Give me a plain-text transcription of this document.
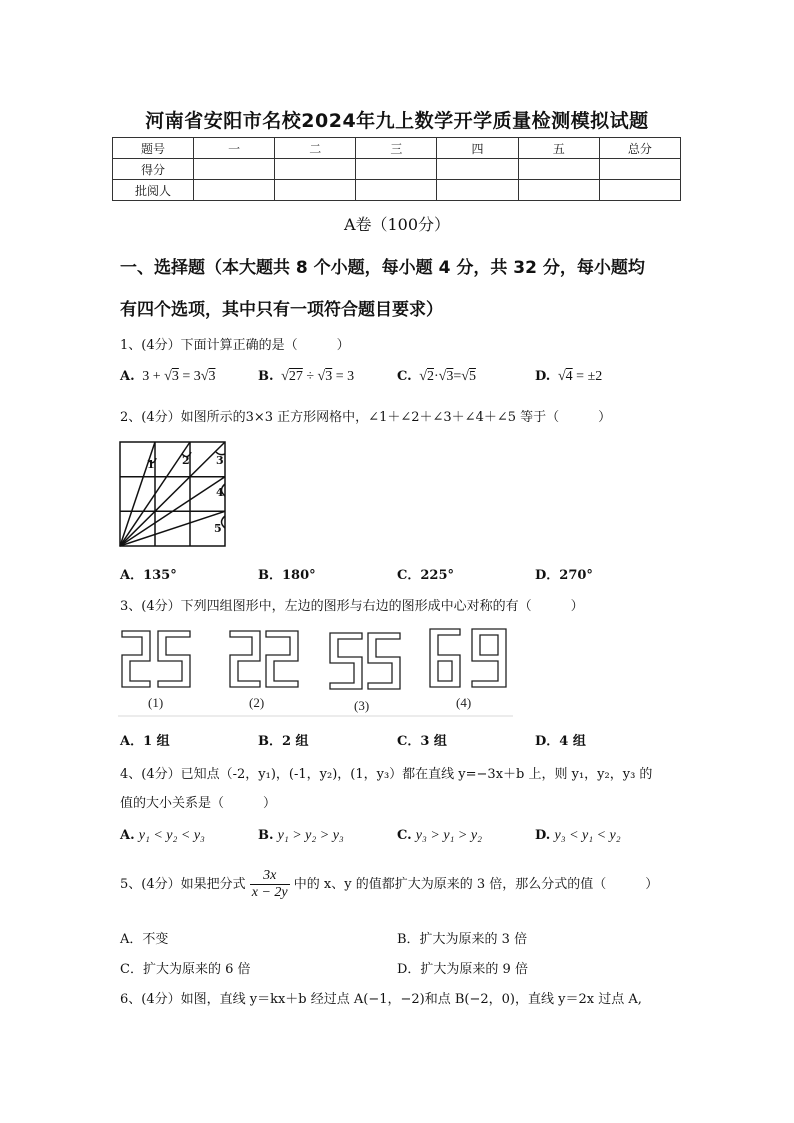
河南省安阳市名校2024年九上数学开学质量检测模拟试题
题号	一	二	三	四	五	总分
得分						
批阅人						
A卷（100分）
一、选择题（本大题共 8 个小题，每小题 4 分，共 32 分，每小题均
有四个选项，其中只有一项符合题目要求）
1、(4分）下面计算正确的是（　　　）
A. 3 + √3 = 3√3	B.  √27 ÷ √3 = 3	C.  √2·√3=√5	D.  √4 = ±2
2、(4分）如图所示的3×3 正方形网格中，∠1＋∠2＋∠3＋∠4＋∠5 等于（　　　）
1 2 3
4
5
A．135°	B．180°	C．225°	D．270°
3、(4分）下列四组图形中，左边的图形与右边的图形成中心对称的有（　　　）
(1)	(2)	(3)	(4)
A．1 组	B．2 组	C．3 组	D．4 组
4、(4分）已知点（-2，y₁)，(-1，y₂)，(1，y₃）都在直线 y=−3x＋b 上，则 y₁，y₂，y₃ 的
值的大小关系是（　　　）
A. y₁ < y₂ < y₃	B. y₁ > y₂ > y₃	C. y₃ > y₁ > y₂	D. y₃ < y₁ < y₂
5、(4分）如果把分式 $\frac{3x}{x - 2y}$ 中的 x、y 的值都扩大为原来的 3 倍，那么分式的值（　　　）
A．不变	B．扩大为原来的 3 倍
C．扩大为原来的 6 倍	D．扩大为原来的 9 倍
6、(4分）如图，直线 y＝kx＋b 经过点 A(−1，−2)和点 B(−2，0)，直线 y＝2x 过点 A,
